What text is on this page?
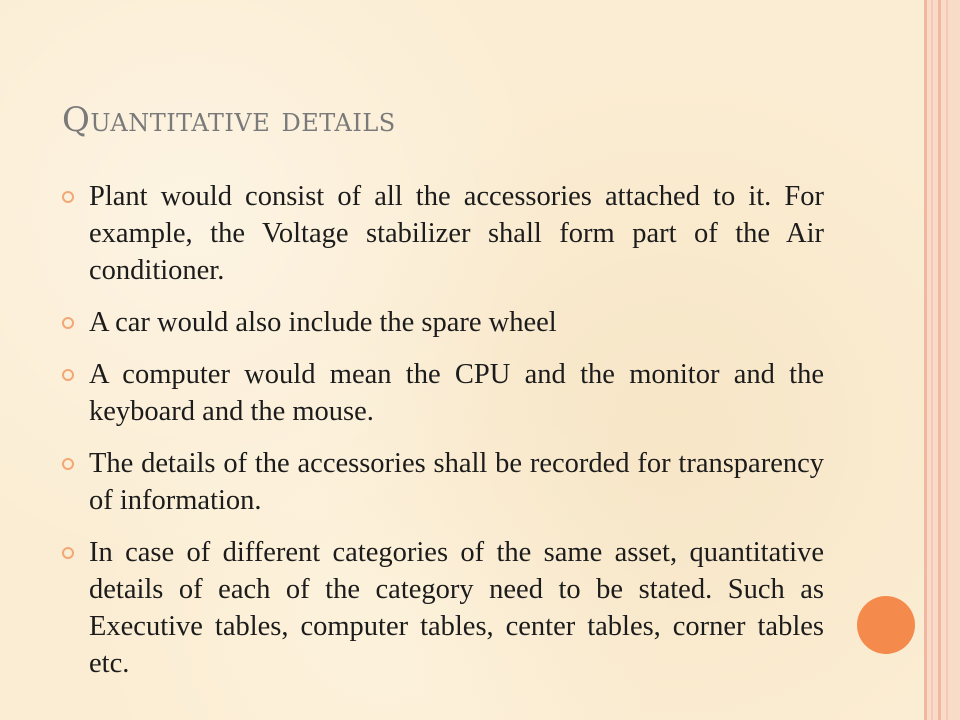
Quantitative details
Plant would consist of all the accessories attached to it. For example, the Voltage stabilizer shall form part of the Air conditioner.
A car would also include the spare wheel
A computer would mean the CPU and the monitor and the keyboard and the mouse.
The details of the accessories shall be recorded for transparency of information.
In case of different categories of the same asset, quantitative details of each of the category need to be stated. Such as Executive tables, computer tables, center tables, corner tables etc.
